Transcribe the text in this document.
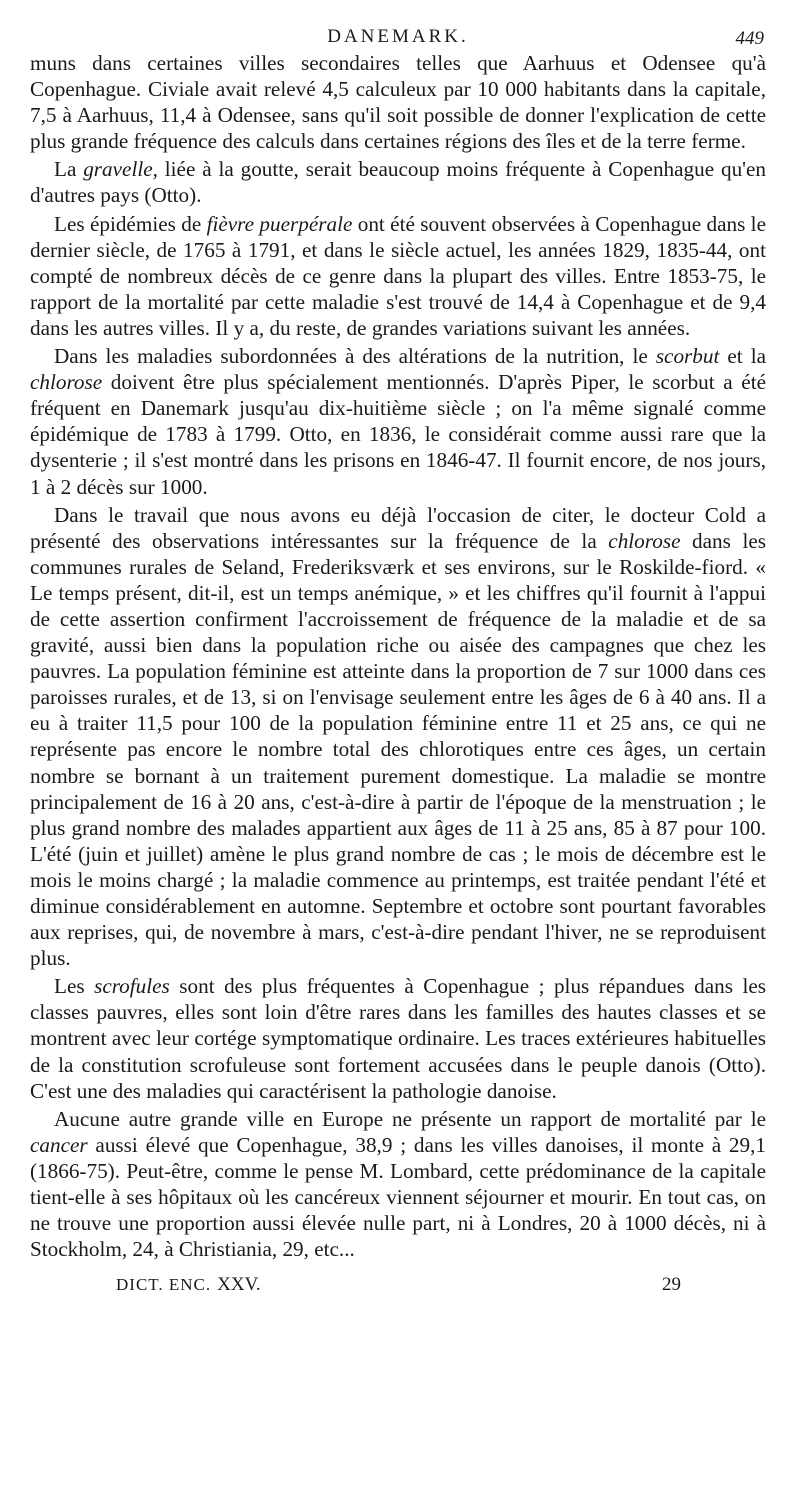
DANEMARK.	449

muns dans certaines villes secondaires telles que Aarhuus et Odensee qu'à Copenhague. Civiale avait relevé 4,5 calculeux par 10 000 habitants dans la capitale, 7,5 à Aarhuus, 11,4 à Odensee, sans qu'il soit possible de donner l'explication de cette plus grande fréquence des calculs dans certaines régions des îles et de la terre ferme.

La gravelle, liée à la goutte, serait beaucoup moins fréquente à Copenhague qu'en d'autres pays (Otto).

Les épidémies de fièvre puerpérale ont été souvent observées à Copenhague dans le dernier siècle, de 1765 à 1791, et dans le siècle actuel, les années 1829, 1835-44, ont compté de nombreux décès de ce genre dans la plupart des villes. Entre 1853-75, le rapport de la mortalité par cette maladie s'est trouvé de 14,4 à Copenhague et de 9,4 dans les autres villes. Il y a, du reste, de grandes variations suivant les années.

Dans les maladies subordonnées à des altérations de la nutrition, le scorbut et la chlorose doivent être plus spécialement mentionnés. D'après Piper, le scorbut a été fréquent en Danemark jusqu'au dix-huitième siècle ; on l'a même signalé comme épidémique de 1783 à 1799. Otto, en 1836, le considérait comme aussi rare que la dysenterie ; il s'est montré dans les prisons en 1846-47. Il fournit encore, de nos jours, 1 à 2 décès sur 1000.

Dans le travail que nous avons eu déjà l'occasion de citer, le docteur Cold a présenté des observations intéressantes sur la fréquence de la chlorose dans les communes rurales de Seland, Frederiksværk et ses environs, sur le Roskilde-fiord. « Le temps présent, dit-il, est un temps anémique, » et les chiffres qu'il fournit à l'appui de cette assertion confirment l'accroissement de fréquence de la maladie et de sa gravité, aussi bien dans la population riche ou aisée des campagnes que chez les pauvres. La population féminine est atteinte dans la proportion de 7 sur 1000 dans ces paroisses rurales, et de 13, si on l'envisage seulement entre les âges de 6 à 40 ans. Il a eu à traiter 11,5 pour 100 de la population féminine entre 11 et 25 ans, ce qui ne représente pas encore le nombre total des chlorotiques entre ces âges, un certain nombre se bornant à un traitement purement domestique. La maladie se montre principalement de 16 à 20 ans, c'est-à-dire à partir de l'époque de la menstruation ; le plus grand nombre des malades appartient aux âges de 11 à 25 ans, 85 à 87 pour 100. L'été (juin et juillet) amène le plus grand nombre de cas ; le mois de décembre est le mois le moins chargé ; la maladie commence au printemps, est traitée pendant l'été et diminue considérablement en automne. Septembre et octobre sont pourtant favorables aux reprises, qui, de novembre à mars, c'est-à-dire pendant l'hiver, ne se reproduisent plus.

Les scrofules sont des plus fréquentes à Copenhague ; plus répandues dans les classes pauvres, elles sont loin d'être rares dans les familles des hautes classes et se montrent avec leur cortége symptomatique ordinaire. Les traces extérieures habituelles de la constitution scrofuleuse sont fortement accusées dans le peuple danois (Otto). C'est une des maladies qui caractérisent la pathologie danoise.

Aucune autre grande ville en Europe ne présente un rapport de mortalité par le cancer aussi élevé que Copenhague, 38,9 ; dans les villes danoises, il monte à 29,1 (1866-75). Peut-être, comme le pense M. Lombard, cette prédominance de la capitale tient-elle à ses hôpitaux où les cancéreux viennent séjourner et mourir. En tout cas, on ne trouve une proportion aussi élevée nulle part, ni à Londres, 20 à 1000 décès, ni à Stockholm, 24, à Christiania, 29, etc...

DICT. ENC. XXV.	29
